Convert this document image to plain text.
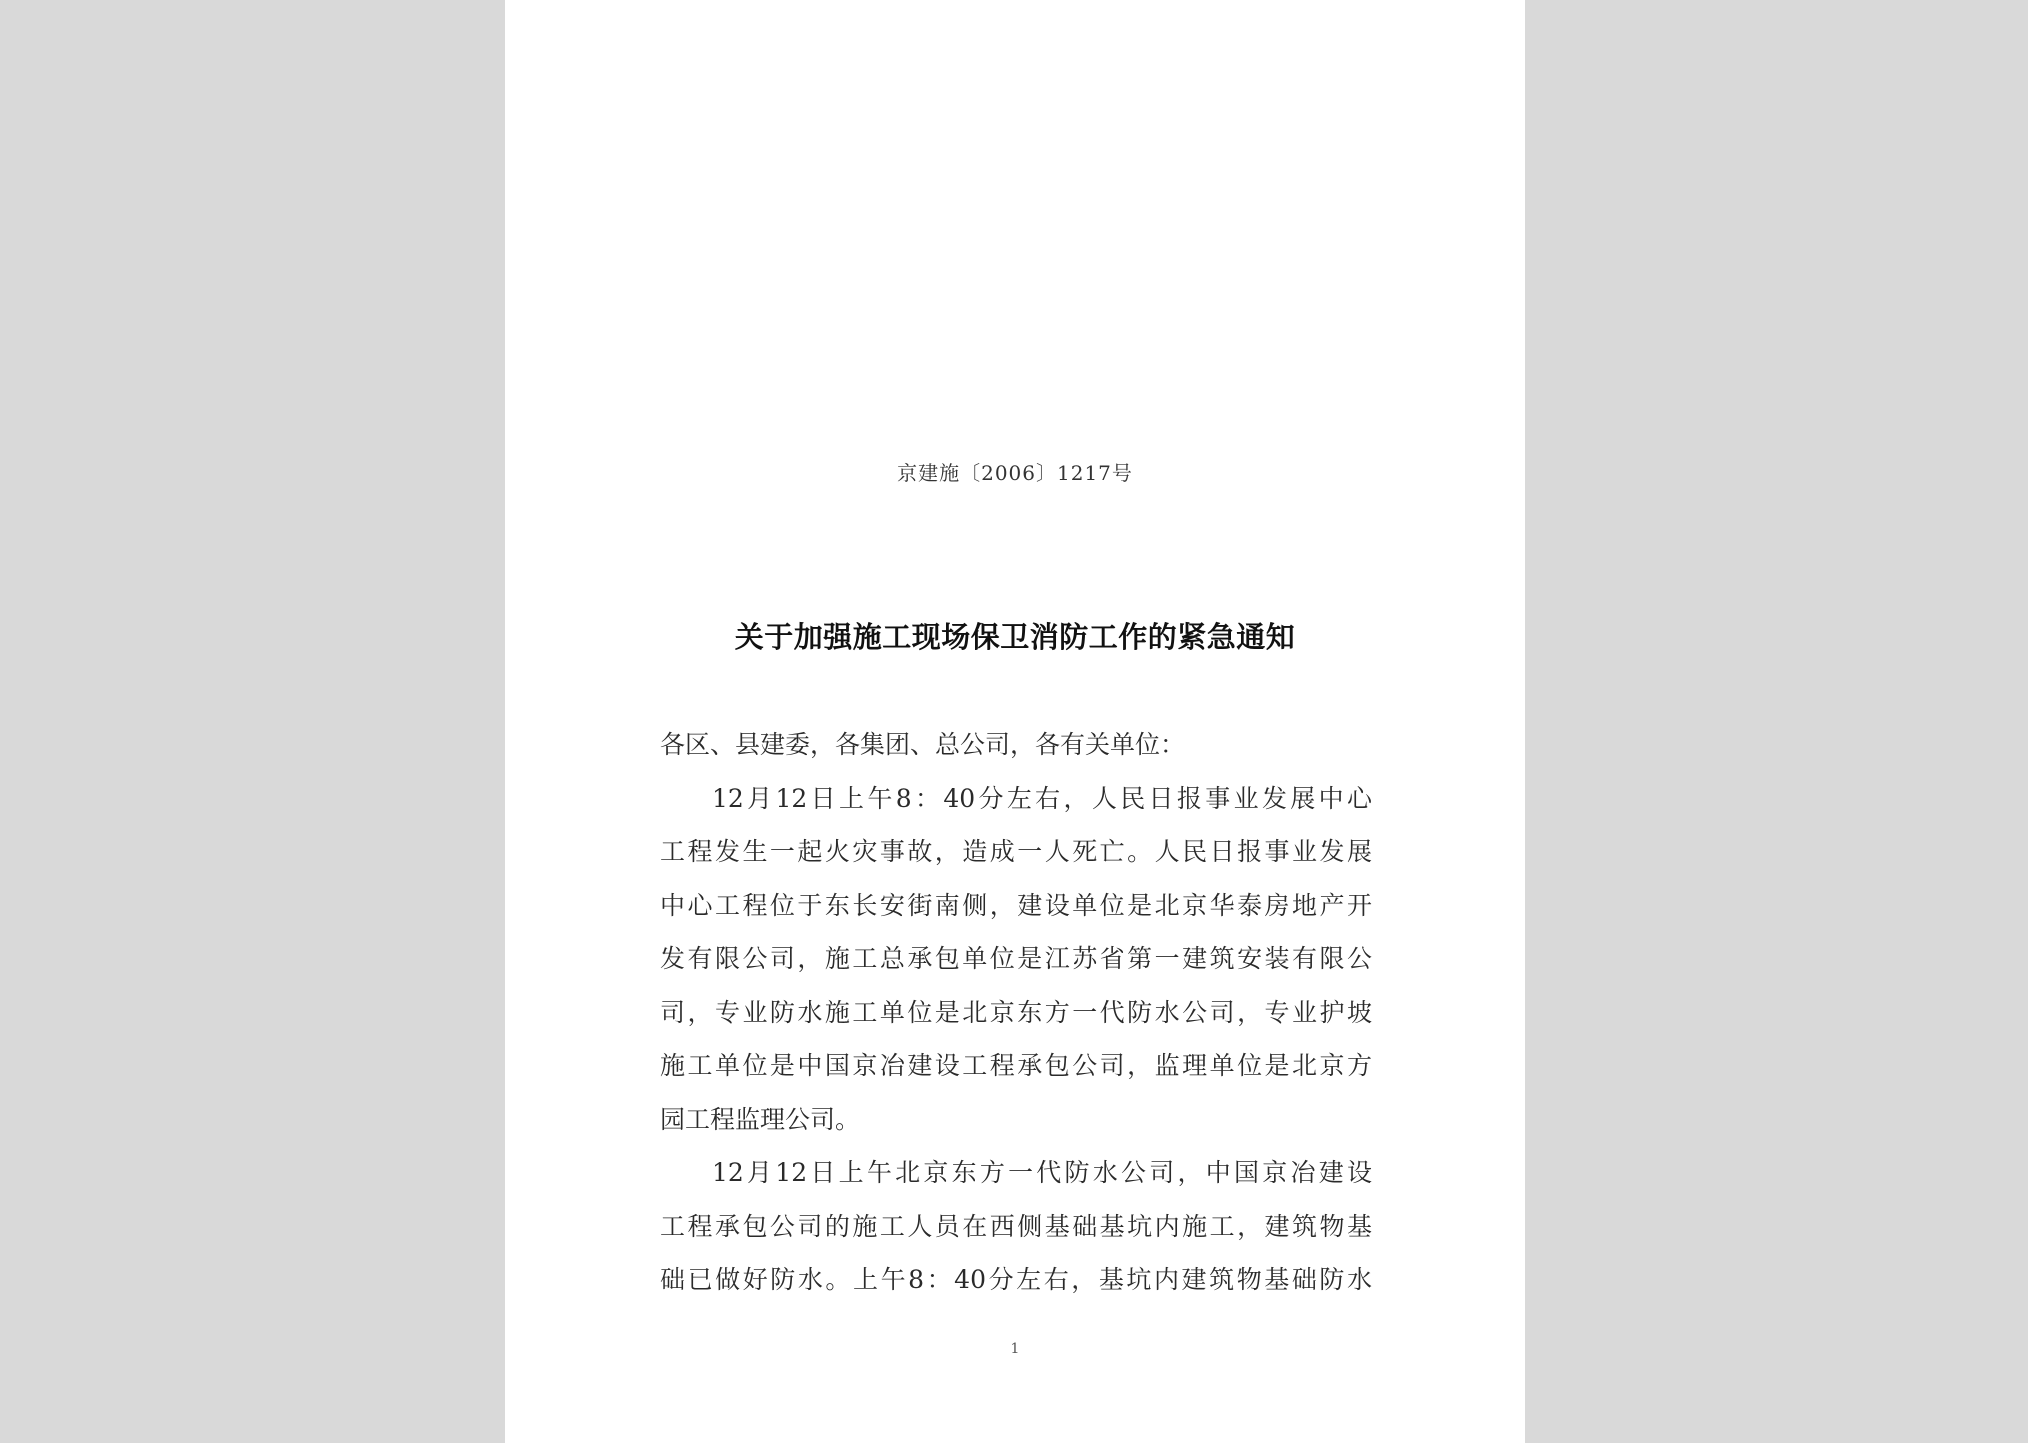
京建施〔2006〕1217号
关于加强施工现场保卫消防工作的紧急通知
各区、县建委，各集团、总公司，各有关单位：
12月12日上午8：40分左右，人民日报事业发展中心
工程发生一起火灾事故，造成一人死亡。人民日报事业发展
中心工程位于东长安街南侧，建设单位是北京华泰房地产开
发有限公司，施工总承包单位是江苏省第一建筑安装有限公
司，专业防水施工单位是北京东方一代防水公司，专业护坡
施工单位是中国京冶建设工程承包公司，监理单位是北京方
园工程监理公司。
12月12日上午北京东方一代防水公司，中国京冶建设
工程承包公司的施工人员在西侧基础基坑内施工，建筑物基
础已做好防水。上午8：40分左右，基坑内建筑物基础防水
1
